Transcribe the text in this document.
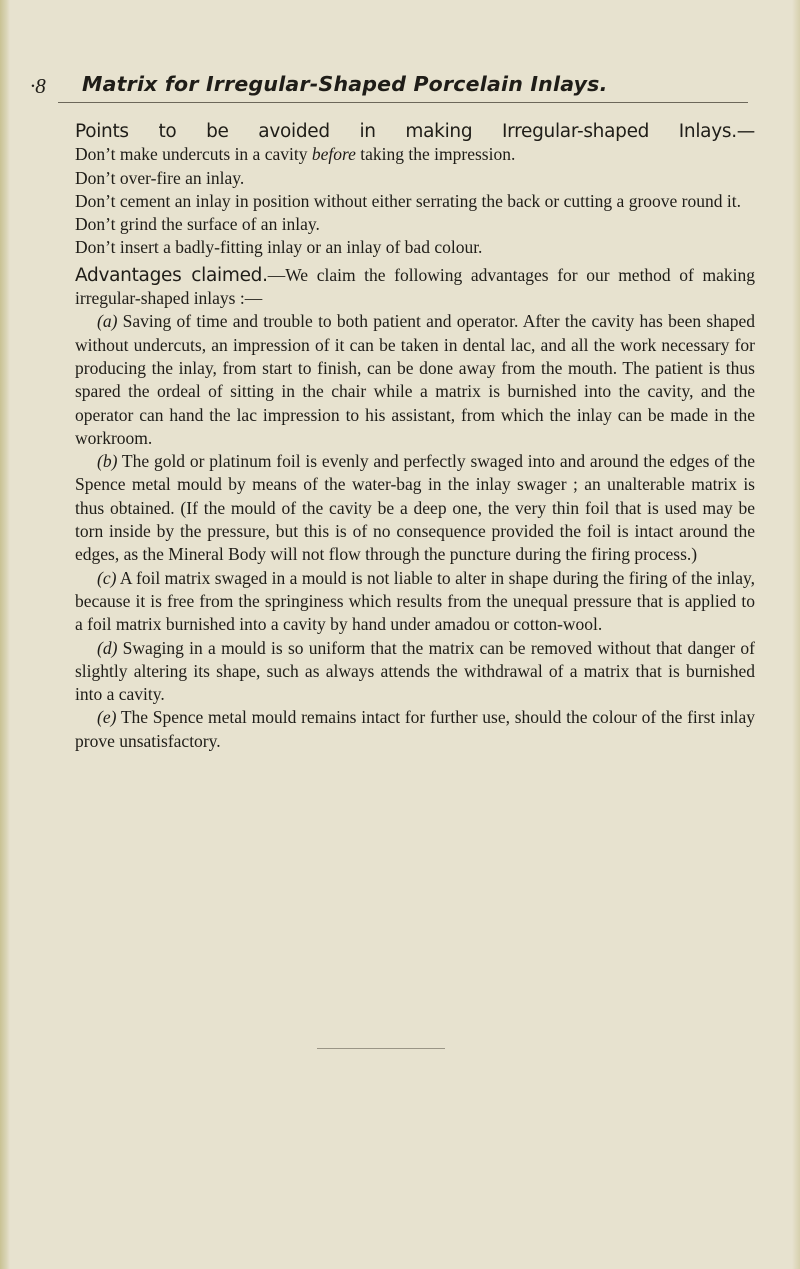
·8 Matrix for Irregular-Shaped Porcelain Inlays.

Points to be avoided in making Irregular-shaped Inlays.—
Don’t make undercuts in a cavity before taking the impression.

Don’t over-fire an inlay.

Don’t cement an inlay in position without either serrating the back or cutting a groove round it.

Don’t grind the surface of an inlay.

Don’t insert a badly-fitting inlay or an inlay of bad colour.

Advantages claimed.—We claim the following advantages for our method of making irregular-shaped inlays :—

(a) Saving of time and trouble to both patient and operator. After the cavity has been shaped without undercuts, an impression of it can be taken in dental lac, and all the work necessary for producing the inlay, from start to finish, can be done away from the mouth. The patient is thus spared the ordeal of sitting in the chair while a matrix is burnished into the cavity, and the operator can hand the lac impression to his assistant, from which the inlay can be made in the workroom.

(b) The gold or platinum foil is evenly and perfectly swaged into and around the edges of the Spence metal mould by means of the water-bag in the inlay swager ; an unalterable matrix is thus obtained. (If the mould of the cavity be a deep one, the very thin foil that is used may be torn inside by the pressure, but this is of no consequence provided the foil is intact around the edges, as the Mineral Body will not flow through the puncture during the firing process.)

(c) A foil matrix swaged in a mould is not liable to alter in shape during the firing of the inlay, because it is free from the springiness which results from the unequal pressure that is applied to a foil matrix burnished into a cavity by hand under amadou or cotton-wool.

(d) Swaging in a mould is so uniform that the matrix can be removed without that danger of slightly altering its shape, such as always attends the withdrawal of a matrix that is burnished into a cavity.

(e) The Spence metal mould remains intact for further use, should the colour of the first inlay prove unsatisfactory.
